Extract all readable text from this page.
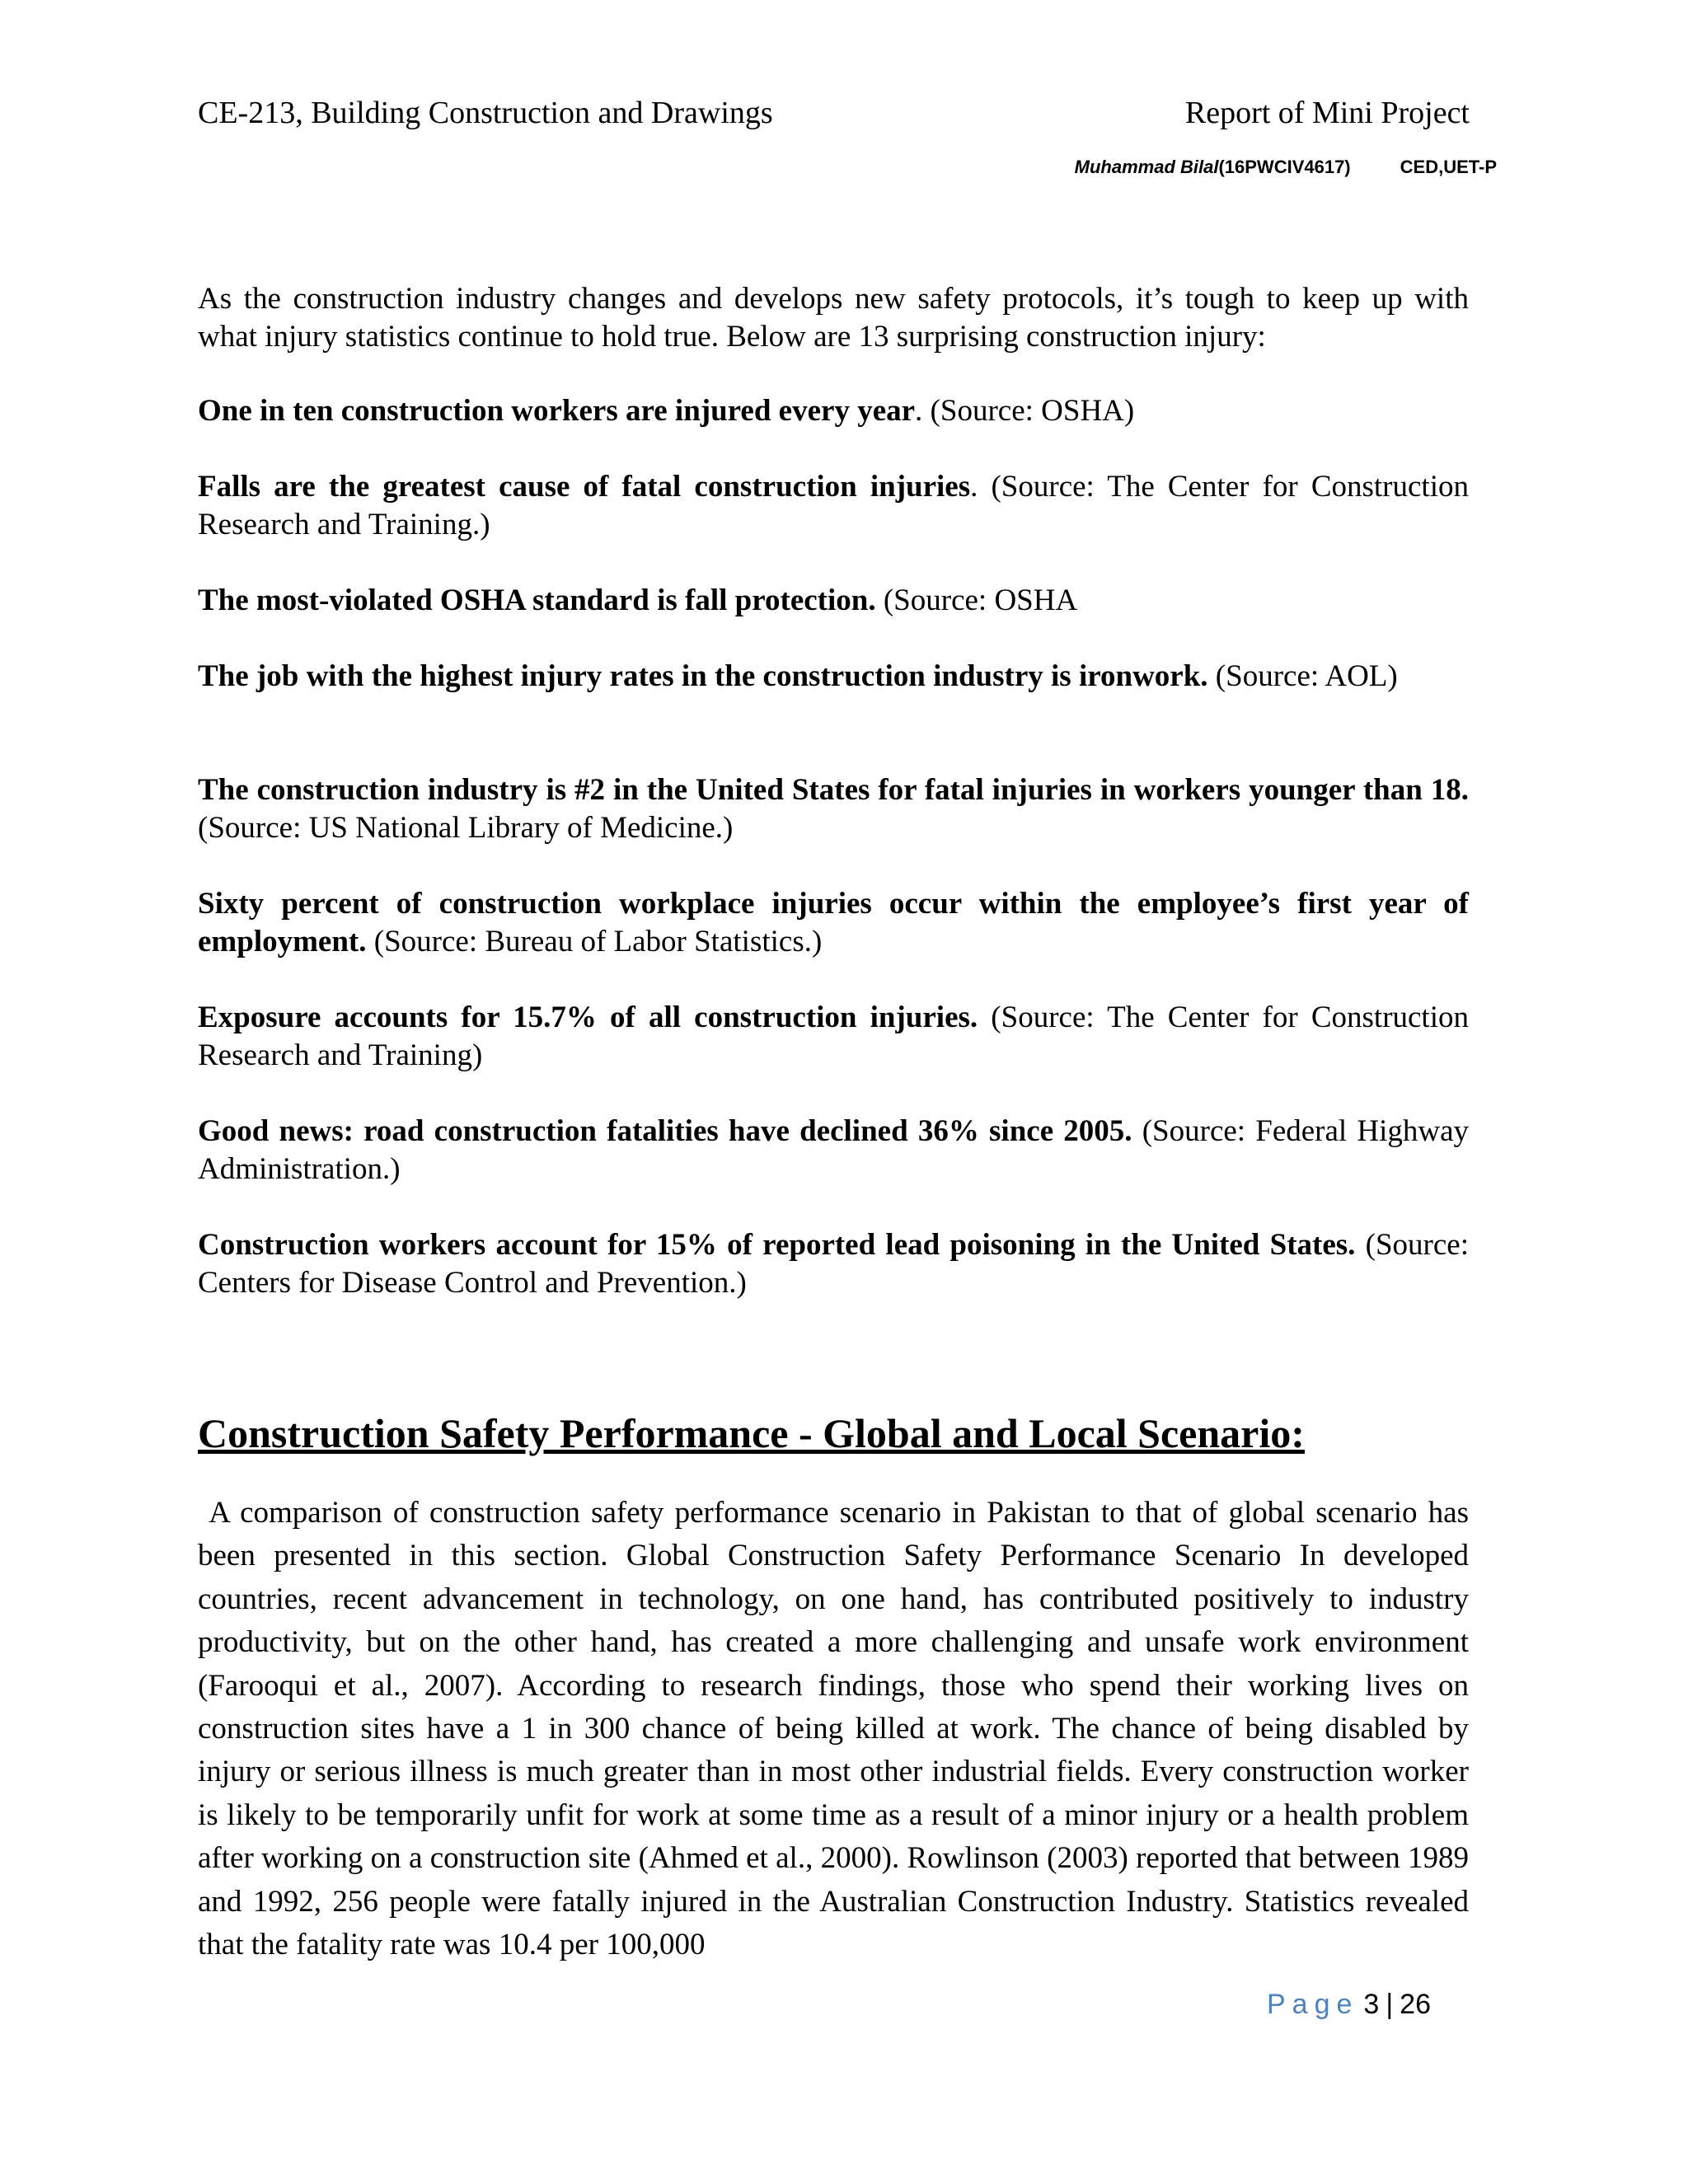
CE-213, Building Construction and Drawings	Report of Mini Project
Muhammad Bilal(16PWCIV4617)	CED,UET-P

As the construction industry changes and develops new safety protocols, it’s tough to keep up with what injury statistics continue to hold true. Below are 13 surprising construction injury:

One in ten construction workers are injured every year. (Source: OSHA)

Falls are the greatest cause of fatal construction injuries. (Source: The Center for Construction Research and Training.)

The most-violated OSHA standard is fall protection. (Source: OSHA

The job with the highest injury rates in the construction industry is ironwork. (Source: AOL)

The construction industry is #2 in the United States for fatal injuries in workers younger than 18. (Source: US National Library of Medicine.)

Sixty percent of construction workplace injuries occur within the employee’s first year of employment. (Source: Bureau of Labor Statistics.)

Exposure accounts for 15.7% of all construction injuries. (Source: The Center for Construction Research and Training)

Good news: road construction fatalities have declined 36% since 2005. (Source: Federal Highway Administration.)

Construction workers account for 15% of reported lead poisoning in the United States. (Source: Centers for Disease Control and Prevention.)

Construction Safety Performance - Global and Local Scenario:

A comparison of construction safety performance scenario in Pakistan to that of global scenario has been presented in this section. Global Construction Safety Performance Scenario In developed countries, recent advancement in technology, on one hand, has contributed positively to industry productivity, but on the other hand, has created a more challenging and unsafe work environment (Farooqui et al., 2007). According to research findings, those who spend their working lives on construction sites have a 1 in 300 chance of being killed at work. The chance of being disabled by injury or serious illness is much greater than in most other industrial fields. Every construction worker is likely to be temporarily unfit for work at some time as a result of a minor injury or a health problem after working on a construction site (Ahmed et al., 2000). Rowlinson (2003) reported that between 1989 and 1992, 256 people were fatally injured in the Australian Construction Industry. Statistics revealed that the fatality rate was 10.4 per 100,000

Page 3 | 26
